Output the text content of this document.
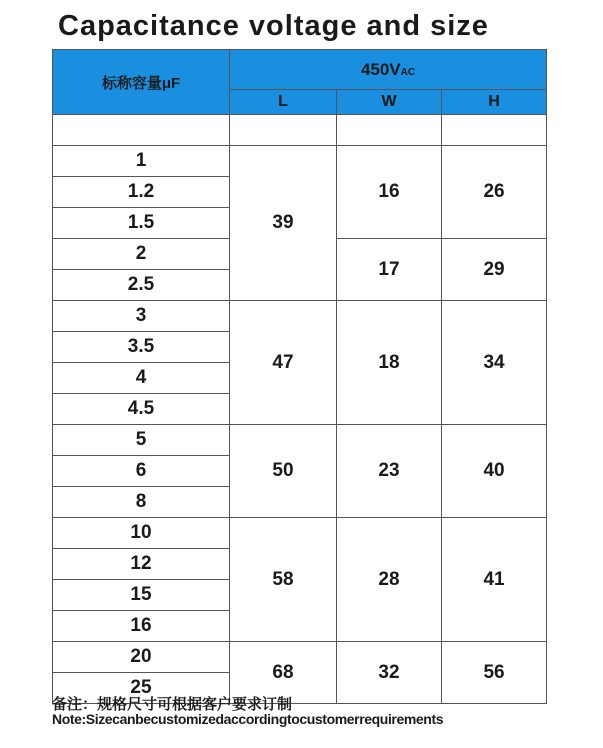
Capacitance voltage and size
标称容量μF	450VAC		
	L	W	H

1	39	16	26
1.2			
1.5			
2		17	29
2.5			
3	47	18	34
3.5			
4			
4.5			
5	50	23	40
6			
8			
10	58	28	41
12			
15			
16			
20	68	32	56
25			
备注：规格尺寸可根据客户要求订制
Note:Sizecanbecustomizedaccordingtocustomerrequirements
